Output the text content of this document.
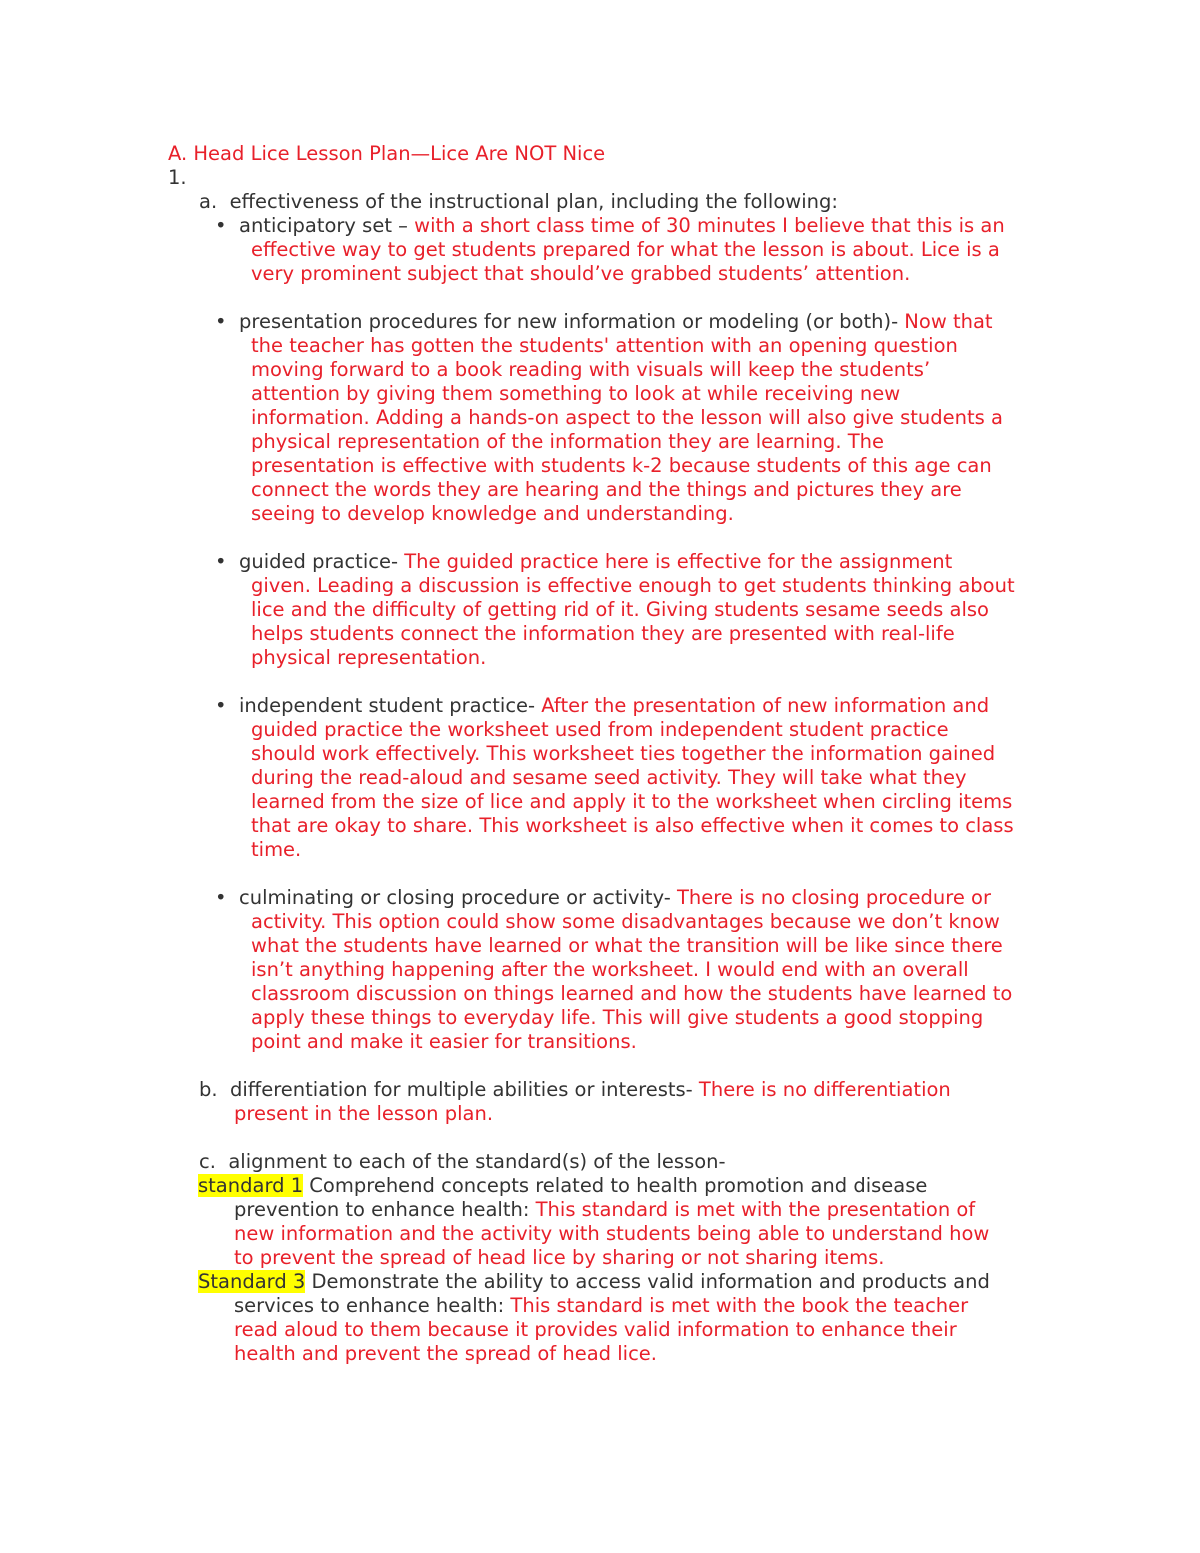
A. Head Lice Lesson Plan—Lice Are NOT Nice
1.
a. effectiveness of the instructional plan, including the following:
• anticipatory set – with a short class time of 30 minutes I believe that this is an
effective way to get students prepared for what the lesson is about. Lice is a
very prominent subject that should’ve grabbed students’ attention.
• presentation procedures for new information or modeling (or both)- Now that
the teacher has gotten the students' attention with an opening question
moving forward to a book reading with visuals will keep the students’
attention by giving them something to look at while receiving new
information. Adding a hands-on aspect to the lesson will also give students a
physical representation of the information they are learning. The
presentation is effective with students k-2 because students of this age can
connect the words they are hearing and the things and pictures they are
seeing to develop knowledge and understanding.
• guided practice- The guided practice here is effective for the assignment
given. Leading a discussion is effective enough to get students thinking about
lice and the difficulty of getting rid of it. Giving students sesame seeds also
helps students connect the information they are presented with real-life
physical representation.
• independent student practice- After the presentation of new information and
guided practice the worksheet used from independent student practice
should work effectively. This worksheet ties together the information gained
during the read-aloud and sesame seed activity. They will take what they
learned from the size of lice and apply it to the worksheet when circling items
that are okay to share. This worksheet is also effective when it comes to class
time.
• culminating or closing procedure or activity- There is no closing procedure or
activity. This option could show some disadvantages because we don’t know
what the students have learned or what the transition will be like since there
isn’t anything happening after the worksheet. I would end with an overall
classroom discussion on things learned and how the students have learned to
apply these things to everyday life. This will give students a good stopping
point and make it easier for transitions.
b. differentiation for multiple abilities or interests- There is no differentiation
present in the lesson plan.
c. alignment to each of the standard(s) of the lesson-
standard 1 Comprehend concepts related to health promotion and disease
prevention to enhance health: This standard is met with the presentation of
new information and the activity with students being able to understand how
to prevent the spread of head lice by sharing or not sharing items.
Standard 3 Demonstrate the ability to access valid information and products and
services to enhance health: This standard is met with the book the teacher
read aloud to them because it provides valid information to enhance their
health and prevent the spread of head lice.
